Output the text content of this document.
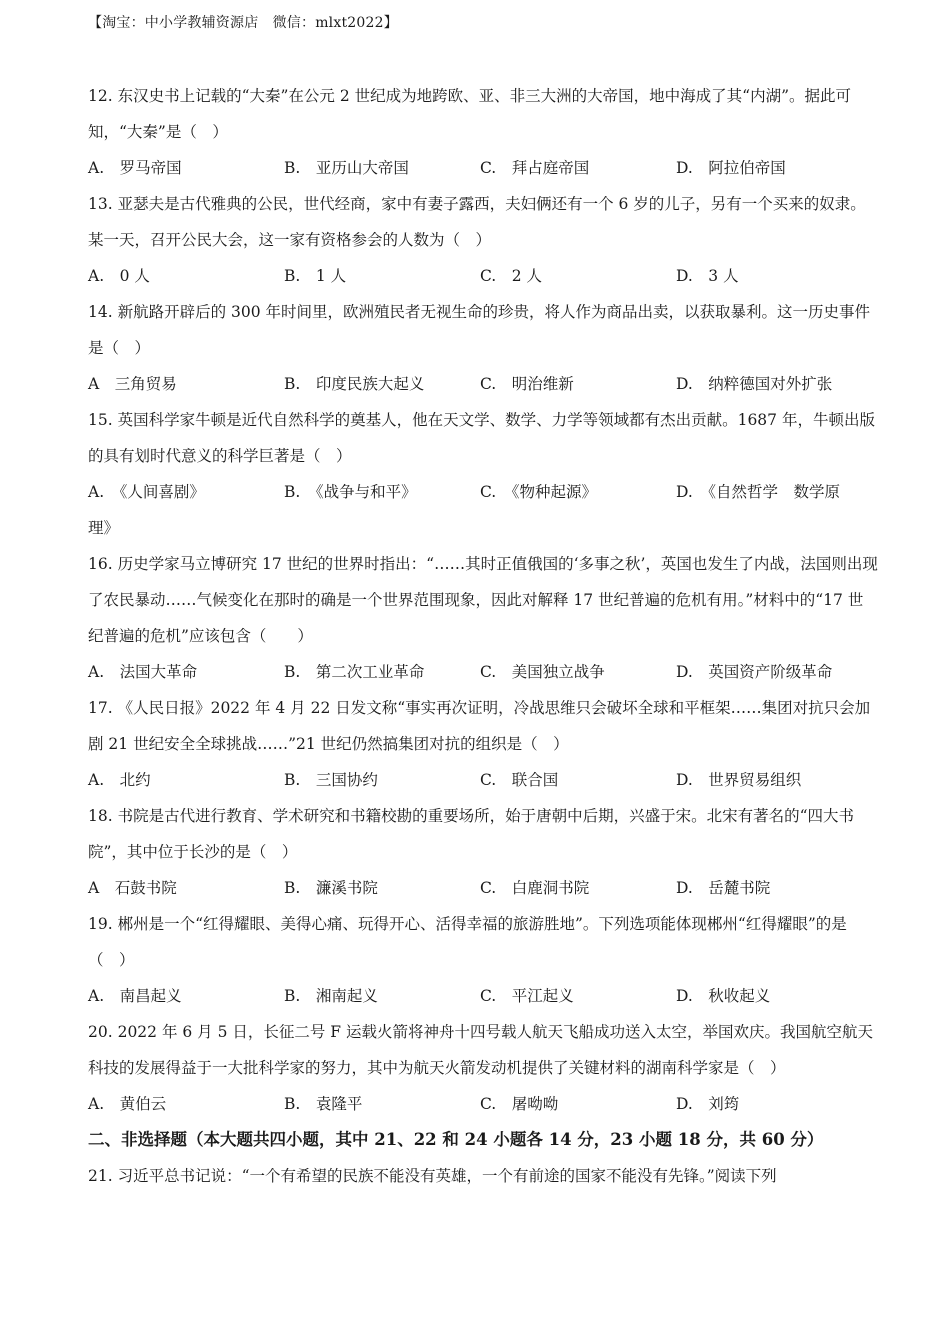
【淘宝：中小学教辅资源店　微信：mlxt2022】
12. 东汉史书上记载的“大秦”在公元 2 世纪成为地跨欧、亚、非三大洲的大帝国，地中海成了其“内湖”。据此可知，“大秦”是（　）
A.　罗马帝国	B.　亚历山大帝国	C.　拜占庭帝国	D.　阿拉伯帝国
13. 亚瑟夫是古代雅典的公民，世代经商，家中有妻子露西，夫妇俩还有一个 6 岁的儿子，另有一个买来的奴隶。某一天，召开公民大会，这一家有资格参会的人数为（　）
A.　0 人	B.　1 人	C.　2 人	D.　3 人
14. 新航路开辟后的 300 年时间里，欧洲殖民者无视生命的珍贵，将人作为商品出卖，以获取暴利。这一历史事件是（　）
A　三角贸易	B.　印度民族大起义	C.　明治维新	D.　纳粹德国对外扩张
15. 英国科学家牛顿是近代自然科学的奠基人，他在天文学、数学、力学等领域都有杰出贡献。1687 年，牛顿出版的具有划时代意义的科学巨著是（　）
A.　《人间喜剧》	B.　《战争与和平》	C.　《物种起源》	D.　《自然哲学　数学原
理》
16. 历史学家马立博研究 17 世纪的世界时指出：“……其时正值俄国的‘多事之秋’，英国也发生了内战，法国则出现了农民暴动……气候变化在那时的确是一个世界范围现象，因此对解释 17 世纪普遍的危机有用。”材料中的“17 世纪普遍的危机”应该包含（　　）
A.　法国大革命	B.　第二次工业革命	C.　美国独立战争	D.　英国资产阶级革命
17. 《人民日报》2022 年 4 月 22 日发文称“事实再次证明，冷战思维只会破坏全球和平框架……集团对抗只会加剧 21 世纪安全全球挑战……”21 世纪仍然搞集团对抗的组织是（　）
A.　北约	B.　三国协约	C.　联合国	D.　世界贸易组织
18. 书院是古代进行教育、学术研究和书籍校勘的重要场所，始于唐朝中后期，兴盛于宋。北宋有著名的“四大书院”，其中位于长沙的是（　）
A　石鼓书院	B.　濂溪书院	C.　白鹿洞书院	D.　岳麓书院
19. 郴州是一个“红得耀眼、美得心痛、玩得开心、活得幸福的旅游胜地”。下列选项能体现郴州“红得耀眼”的是（　）
A.　南昌起义	B.　湘南起义	C.　平江起义	D.　秋收起义
20. 2022 年 6 月 5 日，长征二号 F 运载火箭将神舟十四号载人航天飞船成功送入太空，举国欢庆。我国航空航天科技的发展得益于一大批科学家的努力，其中为航天火箭发动机提供了关键材料的湖南科学家是（　）
A.　黄伯云	B.　袁隆平	C.　屠呦呦	D.　刘筠
二、非选择题（本大题共四小题，其中 21、22 和 24 小题各 14 分，23 小题 18 分，共 60 分）
21. 习近平总书记说：“一个有希望的民族不能没有英雄，一个有前途的国家不能没有先锋。”阅读下列
